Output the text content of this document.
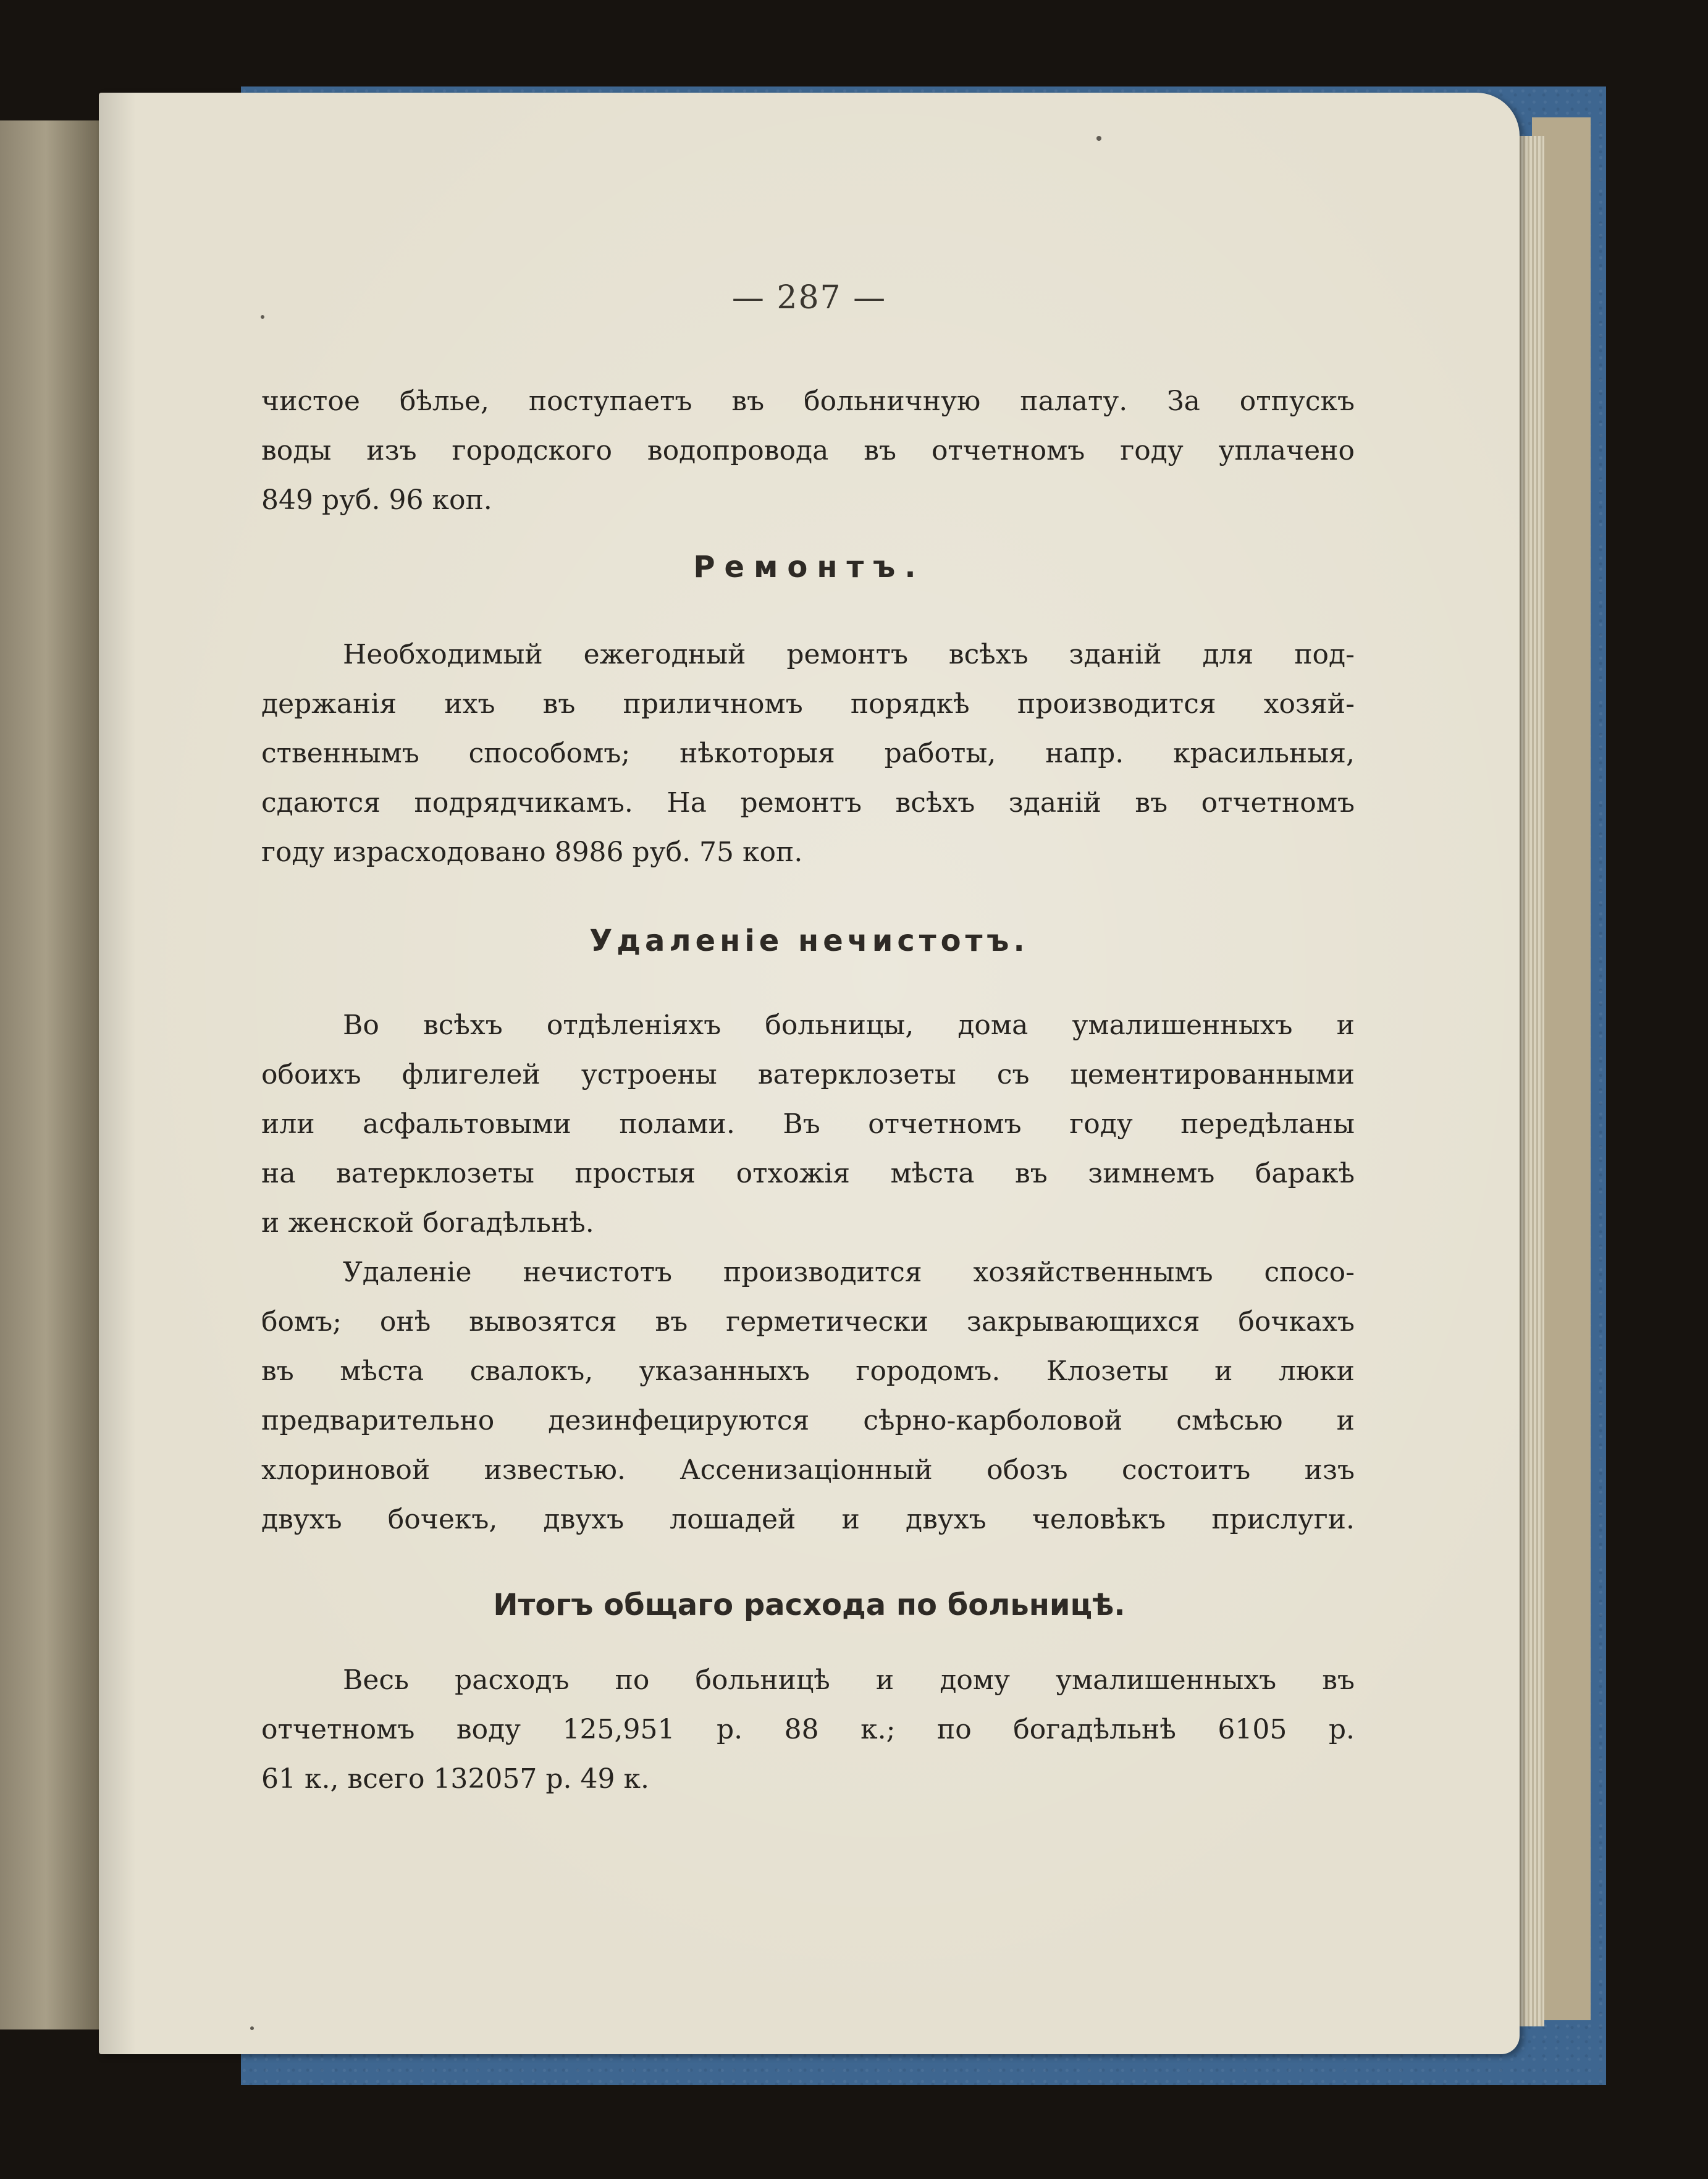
— 287 —
чистое бѣлье, поступаетъ въ больничную палату. За отпускъ
воды изъ городского водопровода въ отчетномъ году уплачено
849 руб. 96 коп.
Ремонтъ.
Необходимый ежегодный ремонтъ всѣхъ зданій для под-
держанія ихъ въ приличномъ порядкѣ производится хозяй-
ственнымъ способомъ; нѣкоторыя работы, напр. красильныя,
сдаются подрядчикамъ. На ремонтъ всѣхъ зданій въ отчетномъ
году израсходовано 8986 руб. 75 коп.
Удаленіе нечистотъ.
Во всѣхъ отдѣленіяхъ больницы, дома умалишенныхъ и
обоихъ флигелей устроены ватерклозеты съ цементированными
или асфальтовыми полами. Въ отчетномъ году передѣланы
на ватерклозеты простыя отхожія мѣста въ зимнемъ баракѣ
и женской богадѣльнѣ.
Удаленіе нечистотъ производится хозяйственнымъ спосо-
бомъ; онѣ вывозятся въ герметически закрывающихся бочкахъ
въ мѣста свалокъ, указанныхъ городомъ. Клозеты и люки
предварительно дезинфецируются сѣрно-карболовой смѣсью и
хлориновой известью. Ассенизаціонный обозъ состоитъ изъ
двухъ бочекъ, двухъ лошадей и двухъ человѣкъ прислуги.
Итогъ общаго расхода по больницѣ.
Весь расходъ по больницѣ и дому умалишенныхъ въ
отчетномъ воду 125,951 р. 88 к.; по богадѣльнѣ 6105 р.
61 к., всего 132057 р. 49 к.
